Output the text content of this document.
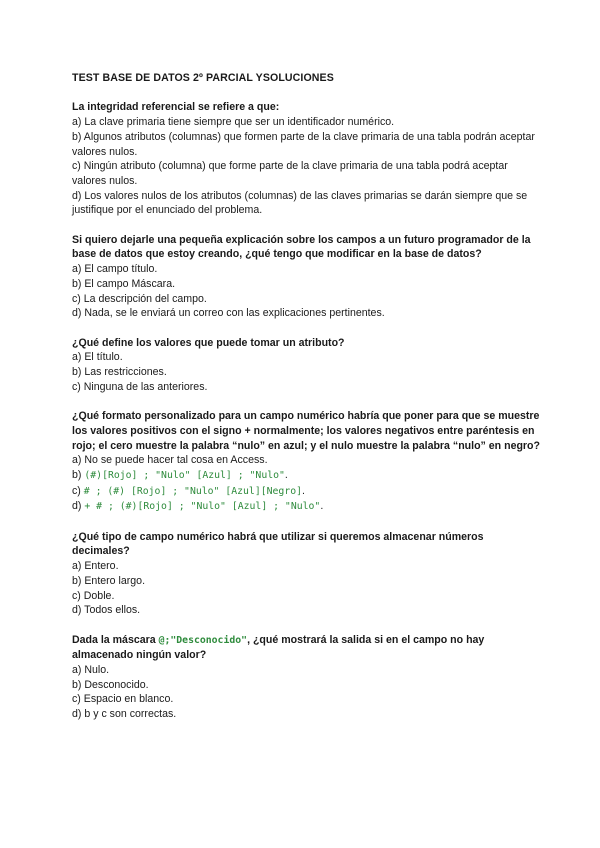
TEST BASE DE DATOS 2º PARCIAL YSOLUCIONES
La integridad referencial se refiere a que:
a) La clave primaria tiene siempre que ser un identificador numérico.
b) Algunos atributos (columnas) que formen parte de la clave primaria de una tabla podrán aceptar valores nulos.
c) Ningún atributo (columna) que forme parte de la clave primaria de una tabla podrá aceptar valores nulos.
d) Los valores nulos de los atributos (columnas) de las claves primarias se darán siempre que se justifique por el enunciado del problema.
Si quiero dejarle una pequeña explicación sobre los campos a un futuro programador de la base de datos que estoy creando, ¿qué tengo que modificar en la base de datos?
a) El campo título.
b) El campo Máscara.
c) La descripción del campo.
d) Nada, se le enviará un correo con las explicaciones pertinentes.
¿Qué define los valores que puede tomar un atributo?
a) El título.
b) Las restricciones.
c) Ninguna de las anteriores.
¿Qué formato personalizado para un campo numérico habría que poner para que se muestre los valores positivos con el signo + normalmente; los valores negativos entre paréntesis en rojo; el cero muestre la palabra “nulo” en azul; y el nulo muestre la palabra “nulo” en negro?
a) No se puede hacer tal cosa en Access.
b) (#)[Rojo] ; "Nulo" [Azul] ; "Nulo".
c) # ; (#) [Rojo] ; "Nulo" [Azul][Negro].
d) + # ; (#)[Rojo] ; "Nulo" [Azul] ; "Nulo".
¿Qué tipo de campo numérico habrá que utilizar si queremos almacenar números decimales?
a) Entero.
b) Entero largo.
c) Doble.
d) Todos ellos.
Dada la máscara @;"Desconocido", ¿qué mostrará la salida si en el campo no hay almacenado ningún valor?
a) Nulo.
b) Desconocido.
c) Espacio en blanco.
d) b y c son correctas.
